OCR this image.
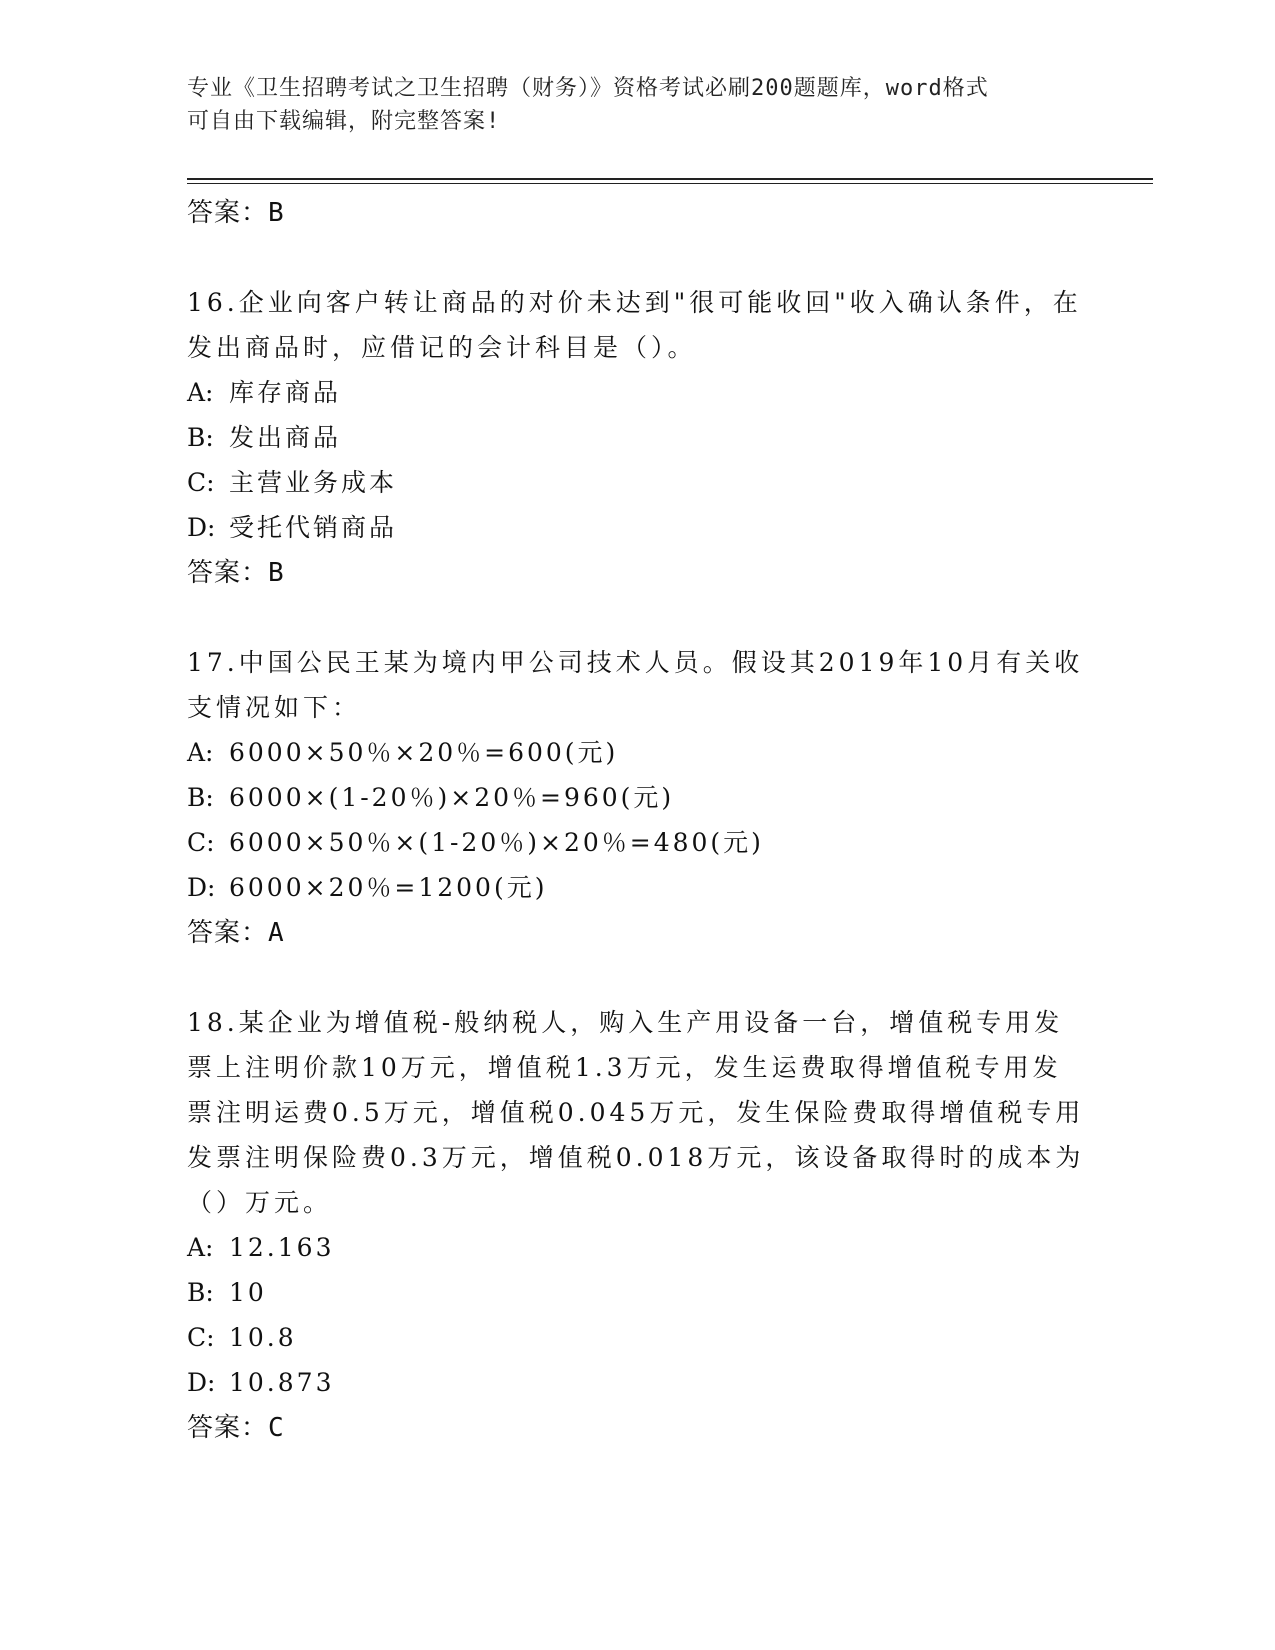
专业《卫生招聘考试之卫生招聘（财务）》资格考试必刷200题题库，word格式
可自由下载编辑，附完整答案!
答案：B
16.企业向客户转让商品的对价未达到"很可能收回"收入确认条件，在发出商品时，应借记的会计科目是（）。
A: 库存商品
B: 发出商品
C: 主营业务成本
D: 受托代销商品
答案：B
17.中国公民王某为境内甲公司技术人员。假设其2019年10月有关收支情况如下：
A: 6000×50％×20％=600(元)
B: 6000×(1-20％)×20％=960(元)
C: 6000×50％×(1-20％)×20％=480(元)
D: 6000×20％=1200(元)
答案：A
18.某企业为增值税-般纳税人，购入生产用设备一台，增值税专用发票上注明价款10万元，增值税1.3万元，发生运费取得增值税专用发票注明运费0.5万元，增值税0.045万元，发生保险费取得增值税专用发票注明保险费0.3万元，增值税0.018万元，该设备取得时的成本为（）万元。
A: 12.163
B: 10
C: 10.8
D: 10.873
答案：C
